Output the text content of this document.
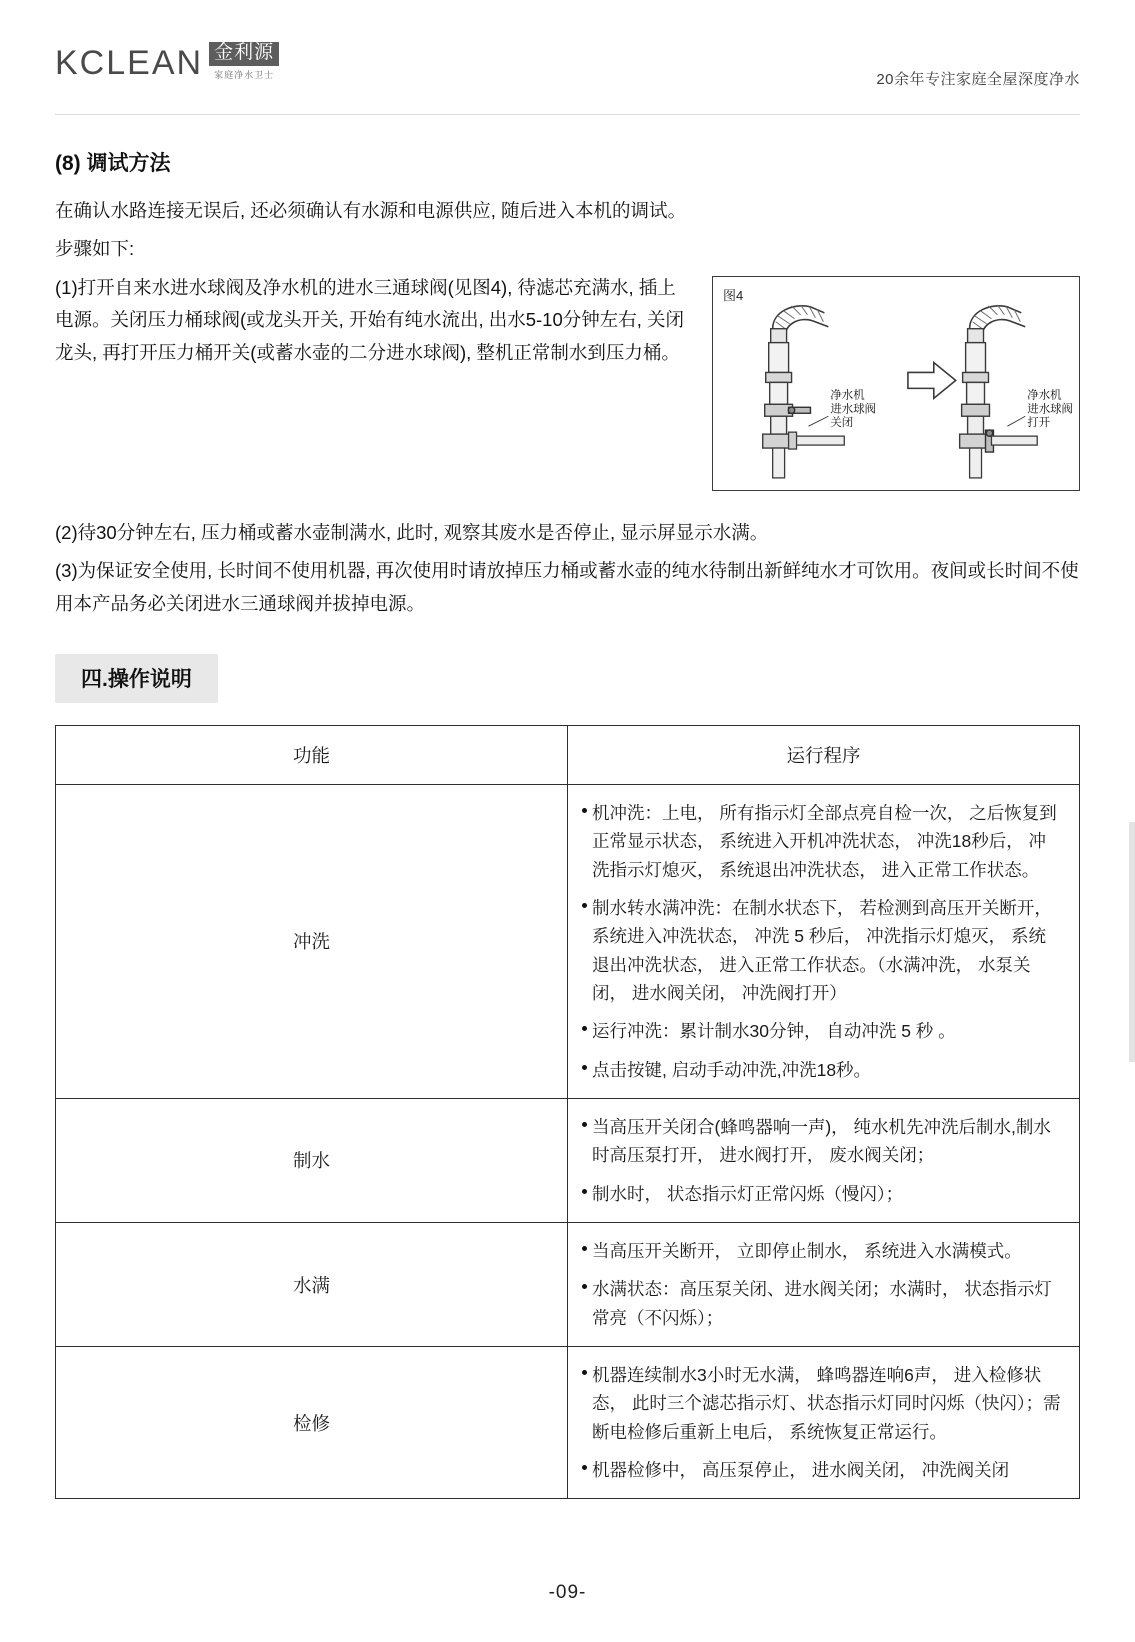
KCLEAN 金利源
家庭净水卫士	20余年专注家庭全屋深度净水
(8) 调试方法
在确认水路连接无误后, 还必须确认有水源和电源供应, 随后进入本机的调试。
步骤如下:
图4
净水机
进水球阀
关闭
净水机
进水球阀
打开
(1)打开自来水进水球阀及净水机的进水三通球阀(见图4), 待滤芯充满水, 插上电源。关闭压力桶球阀(或龙头开关, 开始有纯水流出, 出水5-10分钟左右, 关闭龙头, 再打开压力桶开关(或蓄水壶的二分进水球阀), 整机正常制水到压力桶。
(2)待30分钟左右, 压力桶或蓄水壶制满水, 此时, 观察其废水是否停止, 显示屏显示水满。
(3)为保证安全使用, 长时间不使用机器, 再次使用时请放掉压力桶或蓄水壶的纯水待制出新鲜纯水才可饮用。夜间或长时间不使用本产品务必关闭进水三通球阀并拔掉电源。
四.操作说明
功能	运行程序
冲洗	机冲洗：上电， 所有指示灯全部点亮自检一次， 之后恢复到正常显示状态， 系统进入开机冲洗状态， 冲洗18秒后， 冲洗指示灯熄灭， 系统退出冲洗状态， 进入正常工作状态。
制水转水满冲洗：在制水状态下， 若检测到高压开关断开， 系统进入冲洗状态， 冲洗 5 秒后， 冲洗指示灯熄灭， 系统退出冲洗状态， 进入正常工作状态。（水满冲洗， 水泵关闭， 进水阀关闭， 冲洗阀打开）
运行冲洗：累计制水30分钟， 自动冲洗 5 秒 。
点击按键, 启动手动冲洗,冲洗18秒。

制水	当高压开关闭合(蜂鸣器响一声)， 纯水机先冲洗后制水,制水时高压泵打开， 进水阀打开， 废水阀关闭；
制水时， 状态指示灯正常闪烁（慢闪）；

水满	当高压开关断开， 立即停止制水， 系统进入水满模式。
水满状态：高压泵关闭、进水阀关闭；水满时， 状态指示灯常亮（不闪烁）；

检修	机器连续制水3小时无水满， 蜂鸣器连响6声， 进入检修状态， 此时三个滤芯指示灯、状态指示灯同时闪烁（快闪）；需断电检修后重新上电后， 系统恢复正常运行。
机器检修中， 高压泵停止， 进水阀关闭， 冲洗阀关闭
-09-
